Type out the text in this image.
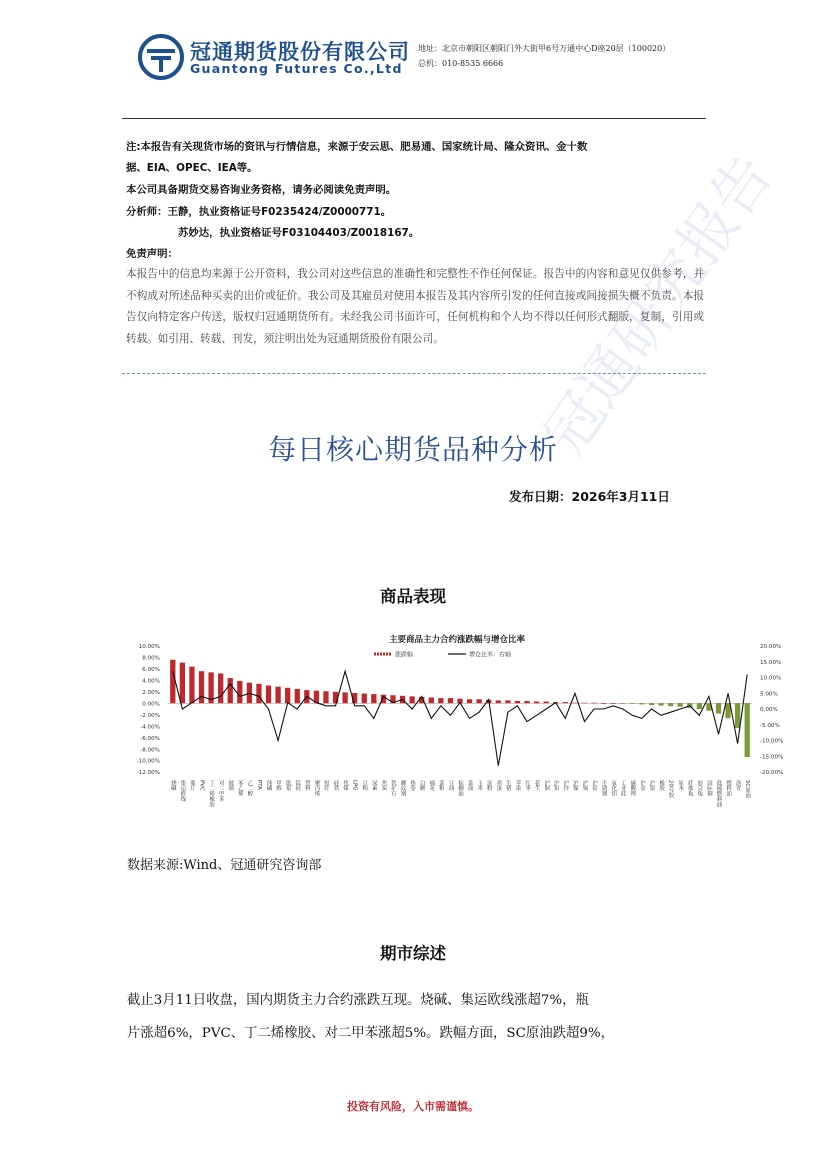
冠通期货股份有限公司
Guantong Futures Co.,Ltd
地址：北京市朝阳区朝阳门外大街甲6号万通中心D座20层（100020）
总机：010-8535 6666
注:本报告有关现货市场的资讯与行情信息，来源于安云思、肥易通、国家统计局、隆众资讯、金十数
据、EIA、OPEC、IEA等。
本公司具备期货交易咨询业务资格，请务必阅读免责声明。
分析师：王静，执业资格证号F0235424/Z0000771。
苏妙达，执业资格证号F03104403/Z0018167。
免责声明：
本报告中的信息均来源于公开资料，我公司对这些信息的准确性和完整性不作任何保证。报告中的内容和意见仅供参考，并不构成对所述品种买卖的出价或征价。我公司及其雇员对使用本报告及其内容所引发的任何直接或间接损失概不负责。本报告仅向特定客户传送，版权归冠通期货所有。未经我公司书面许可，任何机构和个人均不得以任何形式翻版，复制，引用或转载。如引用、转载、刊发，须注明出处为冠通期货股份有限公司。	冠通研究报告
每日核心期货品种分析
发布日期：2026年3月11日
商品表现
主要商品主力合约涨跌幅与增仓比率
涨跌幅	增仓比率：右轴
10.00%
8.00%
6.00%
4.00%
2.00%
0.00%
-2.00%
-4.00%
-6.00%
-8.00%
-10.00%
-12.00%
20.00%
15.00%
10.00%
5.00%
0.00%
-5.00%
-10.00%
-15.00%
-20.00%
烧碱 集运欧线 瓶片 PVC 丁二烯橡胶 对二甲苯 玻璃 苯乙烯 乙二醇 PTA 纯碱 甲醇 纸浆 锰硅 塑料 聚丙烯 短纤 硅铁 焦煤 LPG 豆粕 尿素 焦炭 铁矿石 螺纹钢 热卷 白糖 棉花 菜粕 豆油 棕榈油 菜油 玉米 淀粉 鸡蛋 生猪 苹果 红枣 花生 沪铜 沪铝 沪锌 沪镍 沪锡 沪铅 不锈钢 氧化铝 工业硅 碳酸锂 沪金 沪银 橡胶 20号胶 原木 纤维板 胶合板 国际铜 低硫燃料油 燃料油 沥青 SC原油
数据来源:Wind、冠通研究咨询部
期市综述
截止3月11日收盘，国内期货主力合约涨跌互现。烧碱、集运欧线涨超7%，瓶
片涨超6%，PVC、丁二烯橡胶、对二甲苯涨超5%。跌幅方面，SC原油跌超9%，
投资有风险，入市需谨慎。
